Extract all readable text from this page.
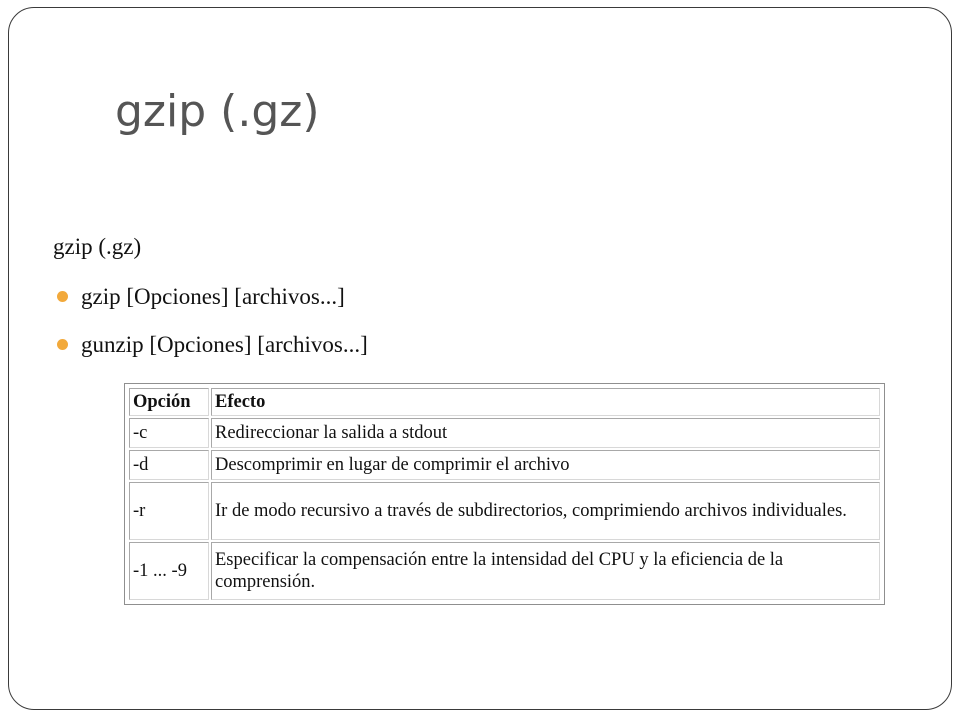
gzip (.gz)

gzip (.gz)

gzip [Opciones] [archivos...]
gunzip [Opciones] [archivos...]
Opción	Efecto
-c	Redireccionar la salida a stdout
-d	Descomprimir en lugar de comprimir el archivo
-r	Ir de modo recursivo a través de subdirectorios, comprimiendo archivos individuales.
-1 ... -9	Especificar la compensación entre la intensidad del CPU y la eficiencia de la comprensión.
